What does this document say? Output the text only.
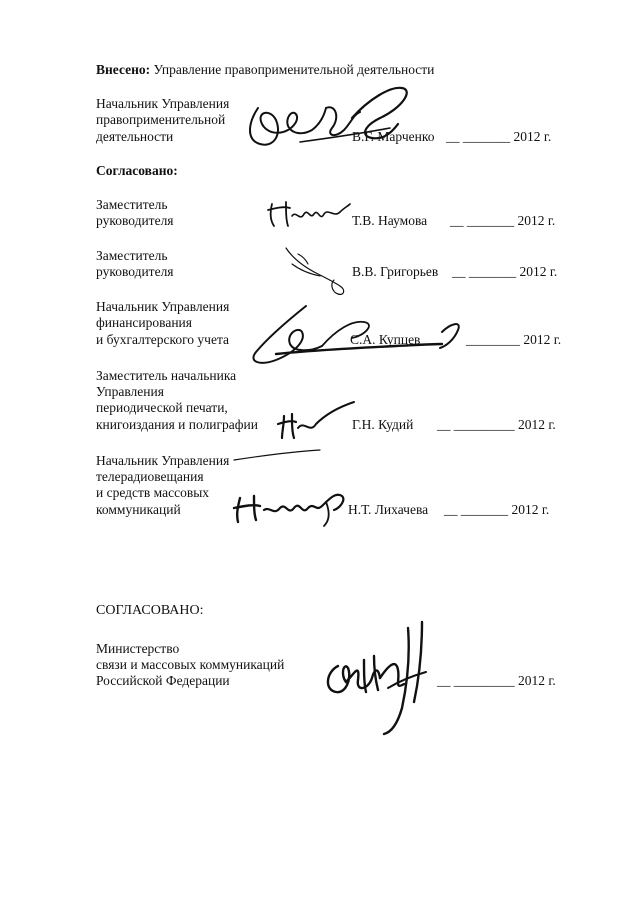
Внесено: Управление правоприменительной деятельности
Начальник Управления
правоприменительной
деятельности	В.Г. Марченко __ _______ 2012 г.
Согласовано:
Заместитель
руководителя	Т.В. Наумова __ _______ 2012 г.
Заместитель
руководителя	В.В. Григорьев __ _______ 2012 г.
Начальник Управления
финансирования
и бухгалтерского учета	С.А. Купцев	________ 2012 г.
Заместитель начальника
Управления
периодической печати,
книгоиздания и полиграфии	Г.Н. Кудий __ _________ 2012 г.
Начальник Управления
телерадиовещания
и средств массовых
коммуникаций	Н.Т. Лихачева __ _______ 2012 г.
СОГЛАСОВАНО:
Министерство
связи и массовых коммуникаций
Российской Федерации	__ _________ 2012 г.
